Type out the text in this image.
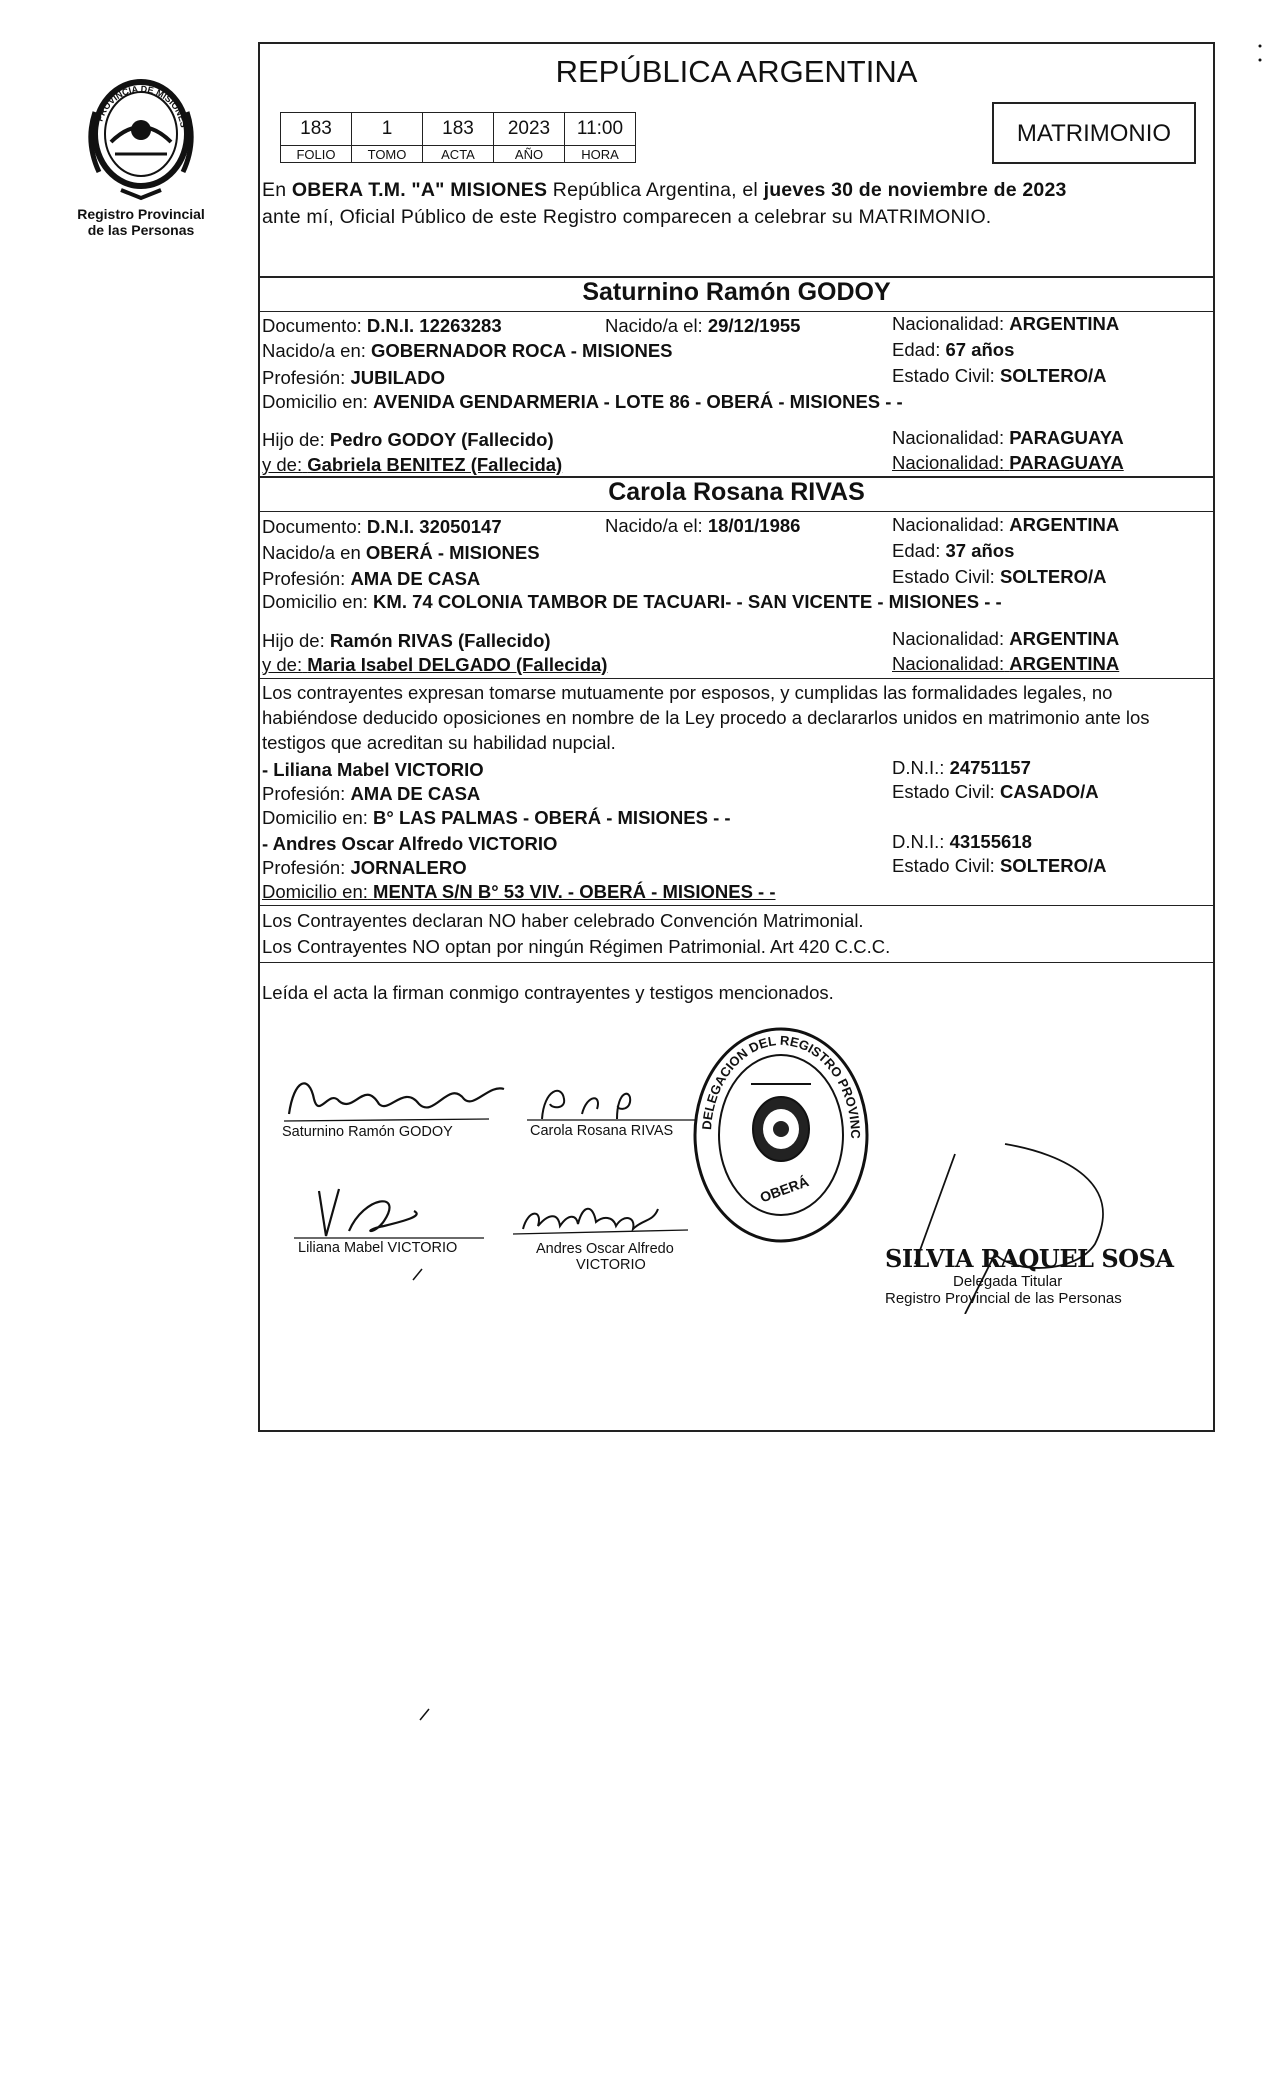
PROVINCIA DE MISIONES
Registro Provincial
de las Personas
REPÚBLICA ARGENTINA
183	1	183	2023	11:00
FOLIO	TOMO	ACTA	AÑO	HORA
MATRIMONIO
En OBERA T.M. "A" MISIONES República Argentina, el jueves 30 de noviembre de 2023
ante mí, Oficial Público de este Registro comparecen a celebrar su MATRIMONIO.
Saturnino Ramón GODOY
Documento: D.N.I. 12263283	Nacido/a el: 29/12/1955	Nacionalidad: ARGENTINA
Nacido/a en: GOBERNADOR ROCA - MISIONES	Edad: 67 años
Profesión: JUBILADO	Estado Civil: SOLTERO/A
Domicilio en: AVENIDA GENDARMERIA - LOTE 86 - OBERÁ - MISIONES - -
Hijo de: Pedro GODOY (Fallecido)	Nacionalidad: PARAGUAYA
y de: Gabriela BENITEZ (Fallecida)	Nacionalidad: PARAGUAYA
Carola Rosana RIVAS
Documento: D.N.I. 32050147	Nacido/a el: 18/01/1986	Nacionalidad: ARGENTINA
Nacido/a en OBERÁ - MISIONES	Edad: 37 años
Profesión: AMA DE CASA	Estado Civil: SOLTERO/A
Domicilio en: KM. 74 COLONIA TAMBOR DE TACUARI- - SAN VICENTE - MISIONES - -
Hijo de: Ramón RIVAS (Fallecido)	Nacionalidad: ARGENTINA
y de: Maria Isabel DELGADO (Fallecida)	Nacionalidad: ARGENTINA
Los contrayentes expresan tomarse mutuamente por esposos, y cumplidas las formalidades legales, no habiéndose deducido oposiciones en nombre de la Ley procedo a declararlos unidos en matrimonio ante los testigos que acreditan su habilidad nupcial.
- Liliana Mabel VICTORIO	D.N.I.: 24751157
Profesión: AMA DE CASA	Estado Civil: CASADO/A
Domicilio en: B° LAS PALMAS - OBERÁ - MISIONES - -
- Andres Oscar Alfredo VICTORIO	D.N.I.: 43155618
Profesión: JORNALERO	Estado Civil: SOLTERO/A
Domicilio en: MENTA S/N B° 53 VIV. - OBERÁ - MISIONES - -
Los Contrayentes declaran NO haber celebrado Convención Matrimonial.
Los Contrayentes NO optan por ningún Régimen Patrimonial. Art 420 C.C.C.
Leída el acta la firman conmigo contrayentes y testigos mencionados.
Saturnino Ramón GODOY	Carola Rosana RIVAS
Liliana Mabel VICTORIO	Andres Oscar Alfredo
VICTORIO
DELEGACION DEL REGISTRO PROVINC
OBERÁ
SILVIA RAQUEL SOSA
Delegada Titular
Registro Provincial de las Personas
